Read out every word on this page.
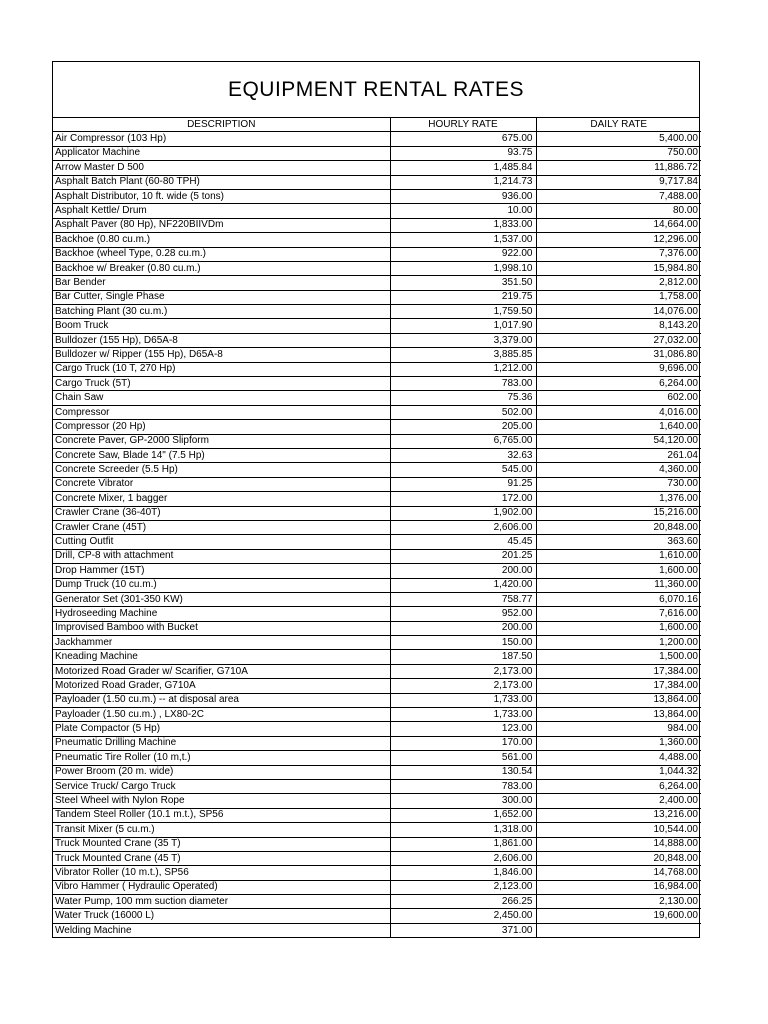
EQUIPMENT RENTAL RATES
DESCRIPTION	HOURLY RATE	DAILY RATE
Air Compressor (103 Hp)	675.00	5,400.00
Applicator Machine	93.75	750.00
Arrow Master D 500	1,485.84	11,886.72
Asphalt Batch Plant (60-80 TPH)	1,214.73	9,717.84
Asphalt Distributor, 10 ft. wide (5 tons)	936.00	7,488.00
Asphalt Kettle/ Drum	10.00	80.00
Asphalt Paver (80 Hp), NF220BIIVDm	1,833.00	14,664.00
Backhoe (0.80 cu.m.)	1,537.00	12,296.00
Backhoe (wheel Type, 0.28 cu.m.)	922.00	7,376.00
Backhoe w/ Breaker (0.80 cu.m.)	1,998.10	15,984.80
Bar Bender	351.50	2,812.00
Bar Cutter, Single Phase	219.75	1,758.00
Batching Plant (30 cu.m.)	1,759.50	14,076.00
Boom Truck	1,017.90	8,143.20
Bulldozer (155 Hp), D65A-8	3,379.00	27,032.00
Bulldozer w/ Ripper (155 Hp), D65A-8	3,885.85	31,086.80
Cargo Truck (10 T, 270 Hp)	1,212.00	9,696.00
Cargo Truck (5T)	783.00	6,264.00
Chain Saw	75.36	602.00
Compressor	502.00	4,016.00
Compressor (20 Hp)	205.00	1,640.00
Concrete Paver, GP-2000 Slipform	6,765.00	54,120.00
Concrete Saw, Blade 14" (7.5 Hp)	32.63	261.04
Concrete Screeder (5.5 Hp)	545.00	4,360.00
Concrete Vibrator	91.25	730.00
Concrete Mixer, 1 bagger	172.00	1,376.00
Crawler Crane (36-40T)	1,902.00	15,216.00
Crawler Crane (45T)	2,606.00	20,848.00
Cutting Outfit	45.45	363.60
Drill, CP-8 with attachment	201.25	1,610.00
Drop Hammer (15T)	200.00	1,600.00
Dump Truck (10 cu.m.)	1,420.00	11,360.00
Generator Set (301-350 KW)	758.77	6,070.16
Hydroseeding Machine	952.00	7,616.00
Improvised Bamboo with Bucket	200.00	1,600.00
Jackhammer	150.00	1,200.00
Kneading Machine	187.50	1,500.00
Motorized Road Grader w/ Scarifier, G710A	2,173.00	17,384.00
Motorized Road Grader, G710A	2,173.00	17,384.00
Payloader (1.50 cu.m.) -- at disposal area	1,733.00	13,864.00
Payloader (1.50 cu.m.) , LX80-2C	1,733.00	13,864.00
Plate Compactor (5 Hp)	123.00	984.00
Pneumatic Drilling Machine	170.00	1,360.00
Pneumatic Tire Roller (10 m,t.)	561.00	4,488.00
Power Broom (20 m. wide)	130.54	1,044.32
Service Truck/ Cargo Truck	783.00	6,264.00
Steel Wheel with Nylon Rope	300.00	2,400.00
Tandem Steel Roller (10.1 m.t.), SP56	1,652.00	13,216.00
Transit Mixer (5 cu.m.)	1,318.00	10,544.00
Truck Mounted Crane (35 T)	1,861.00	14,888.00
Truck Mounted Crane (45 T)	2,606.00	20,848.00
Vibrator Roller (10 m.t.), SP56	1,846.00	14,768.00
Vibro Hammer ( Hydraulic Operated)	2,123.00	16,984.00
Water Pump, 100 mm suction diameter	266.25	2,130.00
Water Truck (16000 L)	2,450.00	19,600.00
Welding Machine	371.00	
